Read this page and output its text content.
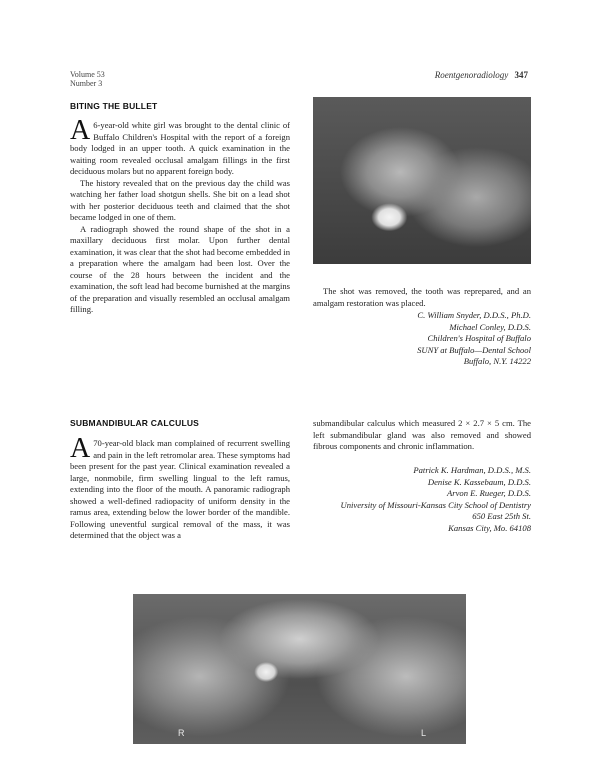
Volume 53
Number 3
Roentgenoradiology 347
BITING THE BULLET

A 6-year-old white girl was brought to the dental clinic of Buffalo Children's Hospital with the report of a foreign body lodged in an upper tooth. A quick examination in the waiting room revealed occlusal amalgam fillings in the first deciduous molars but no apparent foreign body.

The history revealed that on the previous day the child was watching her father load shotgun shells. She bit on a lead shot with her posterior deciduous teeth and claimed that the shot became lodged in one of them.

A radiograph showed the round shape of the shot in a maxillary deciduous first molar. Upon further dental examination, it was clear that the shot had become embedded in a preparation where the amalgam had been lost. Over the course of the 28 hours between the incident and the examination, the soft lead had become burnished at the margins of the preparation and visually resembled an occlusal amalgam filling.

The shot was removed, the tooth was reprepared, and an amalgam restoration was placed.

C. William Snyder, D.D.S., Ph.D.
Michael Conley, D.D.S.
Children's Hospital of Buffalo
SUNY at Buffalo—Dental School
Buffalo, N.Y. 14222
SUBMANDIBULAR CALCULUS

A 70-year-old black man complained of recurrent swelling and pain in the left retromolar area. These symptoms had been present for the past year. Clinical examination revealed a large, nonmobile, firm swelling lingual to the left ramus, extending into the floor of the mouth. A panoramic radiograph showed a well-defined radiopacity of uniform density in the ramus area, extending below the lower border of the mandible. Following uneventful surgical removal of the mass, it was determined that the object was a

submandibular calculus which measured 2 × 2.7 × 5 cm. The left submandibular gland was also removed and showed fibrous components and chronic inflammation.

Patrick K. Hardman, D.D.S., M.S.
Denise K. Kassebaum, D.D.S.
Arvon E. Rueger, D.D.S.
University of Missouri-Kansas City School of Dentistry
650 East 25th St.
Kansas City, Mo. 64108
R	L
